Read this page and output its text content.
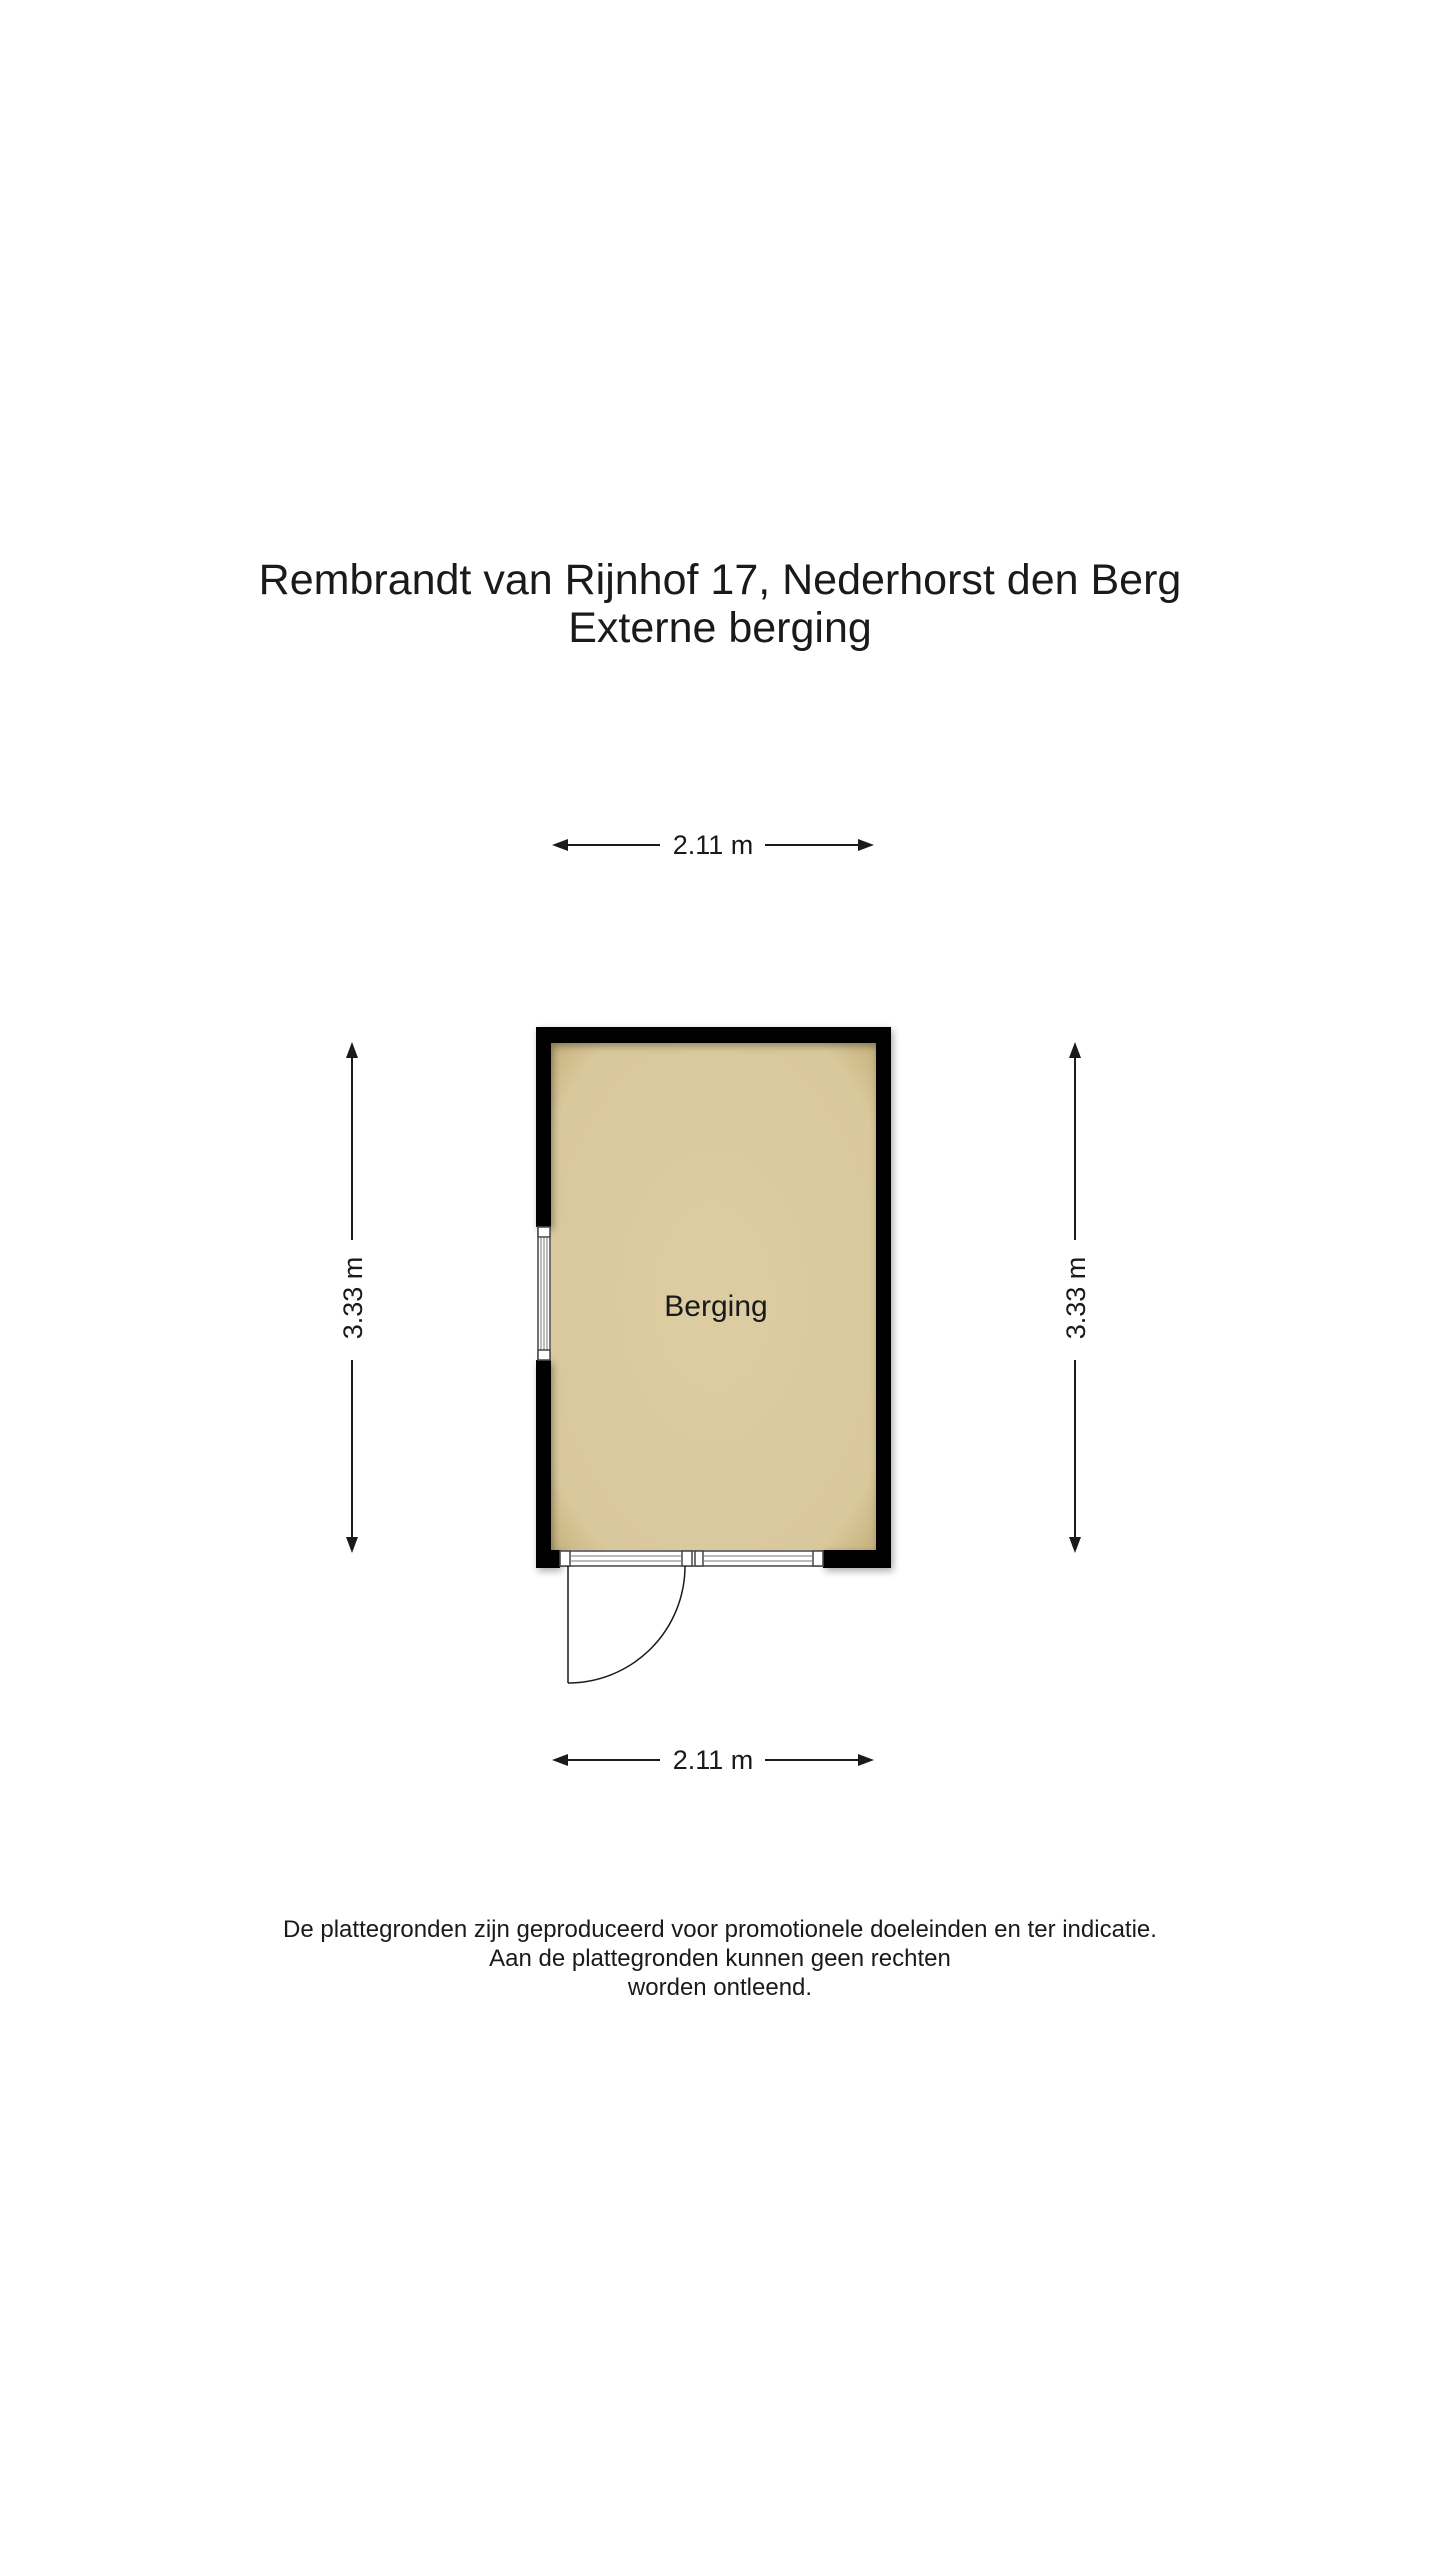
Rembrandt van Rijnhof 17, Nederhorst den Berg
Externe berging
2.11 m
3.33 m	3.33 m
Berging
2.11 m
De plattegronden zijn geproduceerd voor promotionele doeleinden en ter indicatie.
Aan de plattegronden kunnen geen rechten
worden ontleend.
